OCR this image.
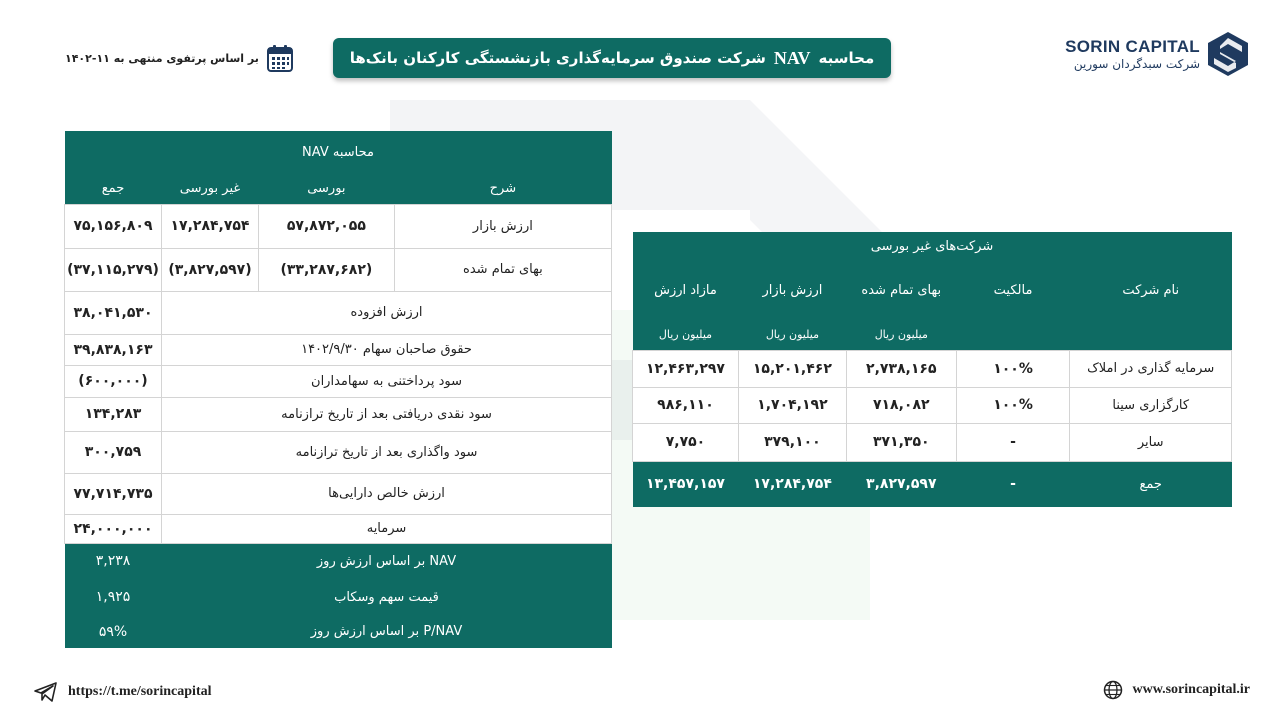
SORIN CAPITAL
شرکت سبدگردان سورین
محاسبه
NAV
شرکت صندوق سرمایه‌گذاری بازنشستگی کارکنان بانک‌ها
بر اساس پرتفوی منتهی به ۱۱-۱۴۰۲
محاسبه NAV			
شرح	بورسی	غیر بورسی	جمع
ارزش بازار	۵۷,۸۷۲,۰۵۵	۱۷,۲۸۴,۷۵۴	۷۵,۱۵۶,۸۰۹
بهای تمام شده	(۳۳,۲۸۷,۶۸۲)	(۳,۸۲۷,۵۹۷)	(۳۷,۱۱۵,۲۷۹)
ارزش افزوده			۳۸,۰۴۱,۵۳۰
حقوق صاحبان سهام ۱۴۰۲/۹/۳۰			۳۹,۸۳۸,۱۶۳
سود پرداختنی به سهامداران			(۶۰۰,۰۰۰)
سود نقدی دریافتی بعد از تاریخ ترازنامه			۱۳۴,۲۸۳
سود واگذاری بعد از تاریخ ترازنامه			۳۰۰,۷۵۹
ارزش خالص دارایی‌ها			۷۷,۷۱۴,۷۳۵
سرمایه			۲۴,۰۰۰,۰۰۰
NAV بر اساس ارزش روز			۳,۲۳۸
قیمت سهم وسکاب			۱,۹۲۵
P/NAV بر اساس ارزش روز			۵۹%
شرکت‌های غیر بورسی				
نام شرکت	مالکیت	بهای تمام شده	ارزش بازار	مازاد ارزش
		میلیون ریال	میلیون ریال	میلیون ریال
سرمایه گذاری در املاک	۱۰۰%	۲,۷۳۸,۱۶۵	۱۵,۲۰۱,۴۶۲	۱۲,۴۶۳,۲۹۷
کارگزاری سینا	۱۰۰%	۷۱۸,۰۸۲	۱,۷۰۴,۱۹۲	۹۸۶,۱۱۰
سایر	-	۳۷۱,۳۵۰	۳۷۹,۱۰۰	۷,۷۵۰
جمع	-	۳,۸۲۷,۵۹۷	۱۷,۲۸۴,۷۵۴	۱۳,۴۵۷,۱۵۷
https://t.me/sorincapital	www.sorincapital.ir
